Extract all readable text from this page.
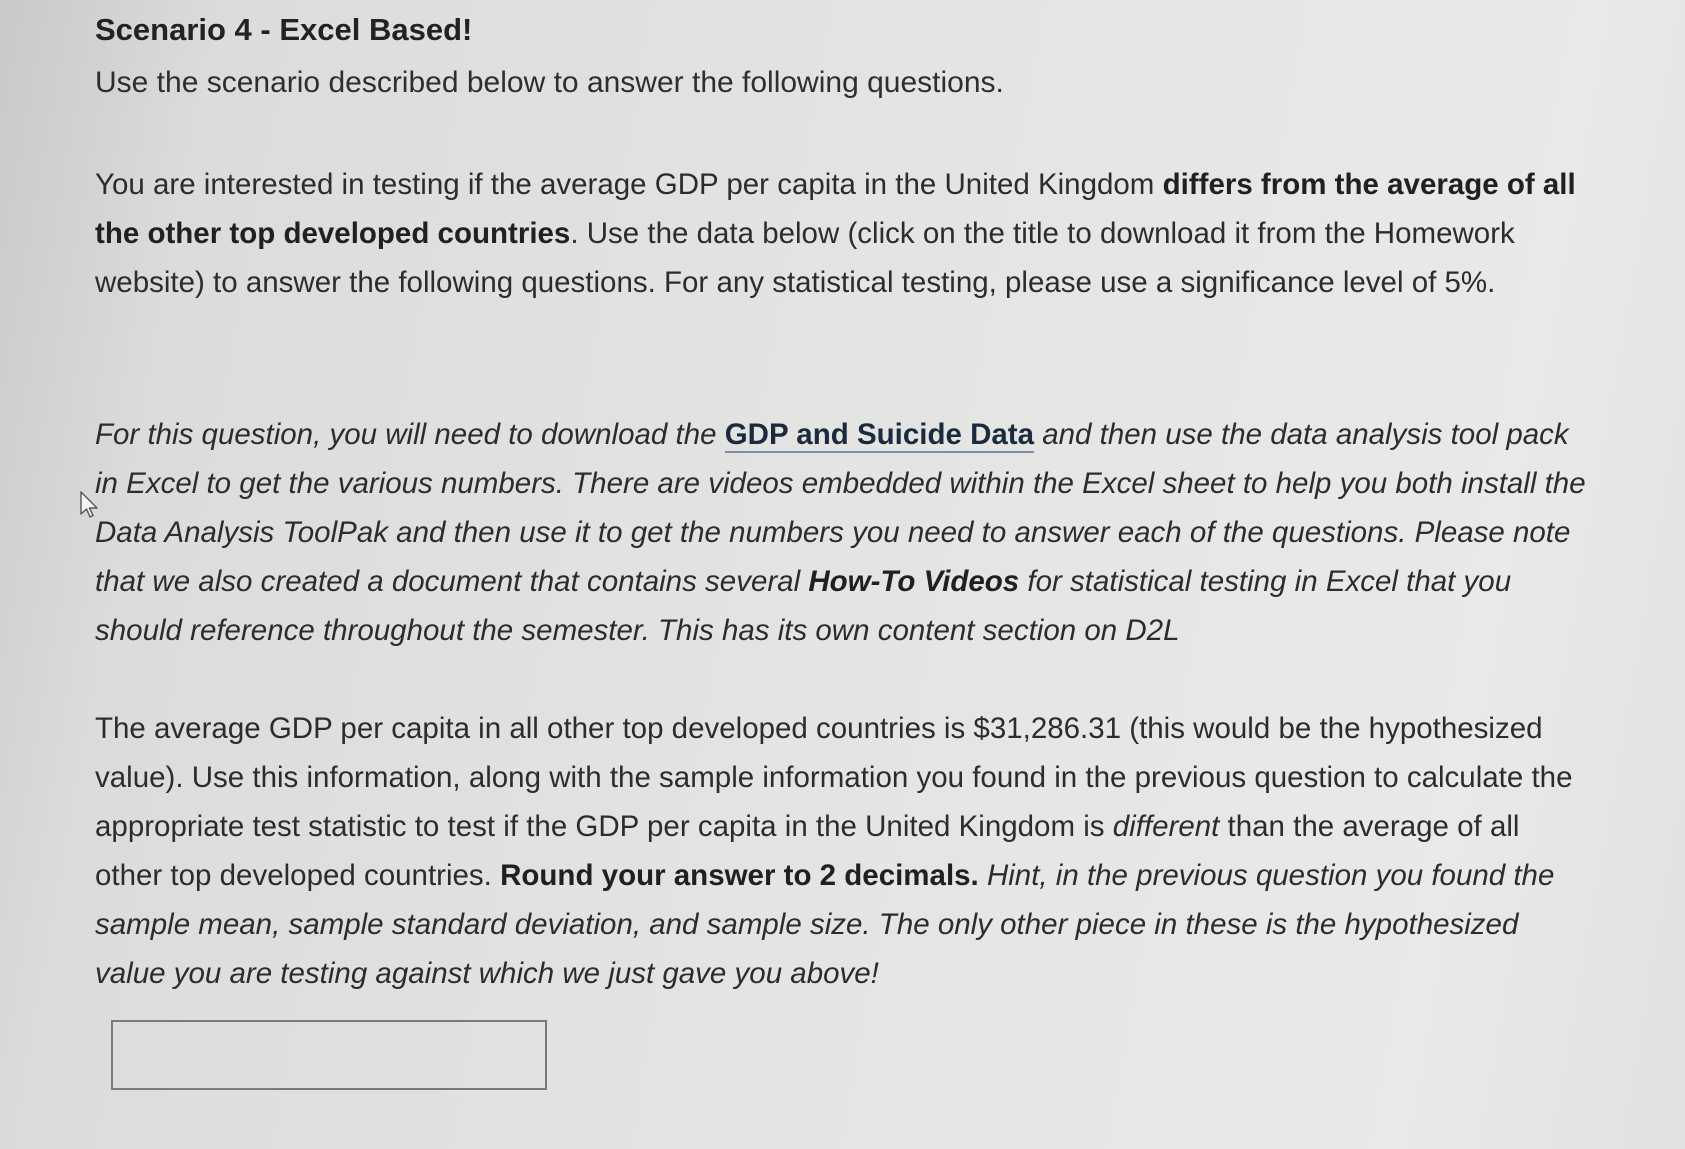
Scenario 4 - Excel Based!
Use the scenario described below to answer the following questions.
You are interested in testing if the average GDP per capita in the United Kingdom differs from the average of all the other top developed countries. Use the data below (click on the title to download it from the Homework website) to answer the following questions. For any statistical testing, please use a significance level of 5%.
For this question, you will need to download the GDP and Suicide Data and then use the data analysis tool pack in Excel to get the various numbers. There are videos embedded within the Excel sheet to help you both install the Data Analysis ToolPak and then use it to get the numbers you need to answer each of the questions. Please note that we also created a document that contains several How-To Videos for statistical testing in Excel that you should reference throughout the semester. This has its own content section on D2L
The average GDP per capita in all other top developed countries is $31,286.31 (this would be the hypothesized value). Use this information, along with the sample information you found in the previous question to calculate the appropriate test statistic to test if the GDP per capita in the United Kingdom is different than the average of all other top developed countries. Round your answer to 2 decimals. Hint, in the previous question you found the sample mean, sample standard deviation, and sample size. The only other piece in these is the hypothesized value you are testing against which we just gave you above!
